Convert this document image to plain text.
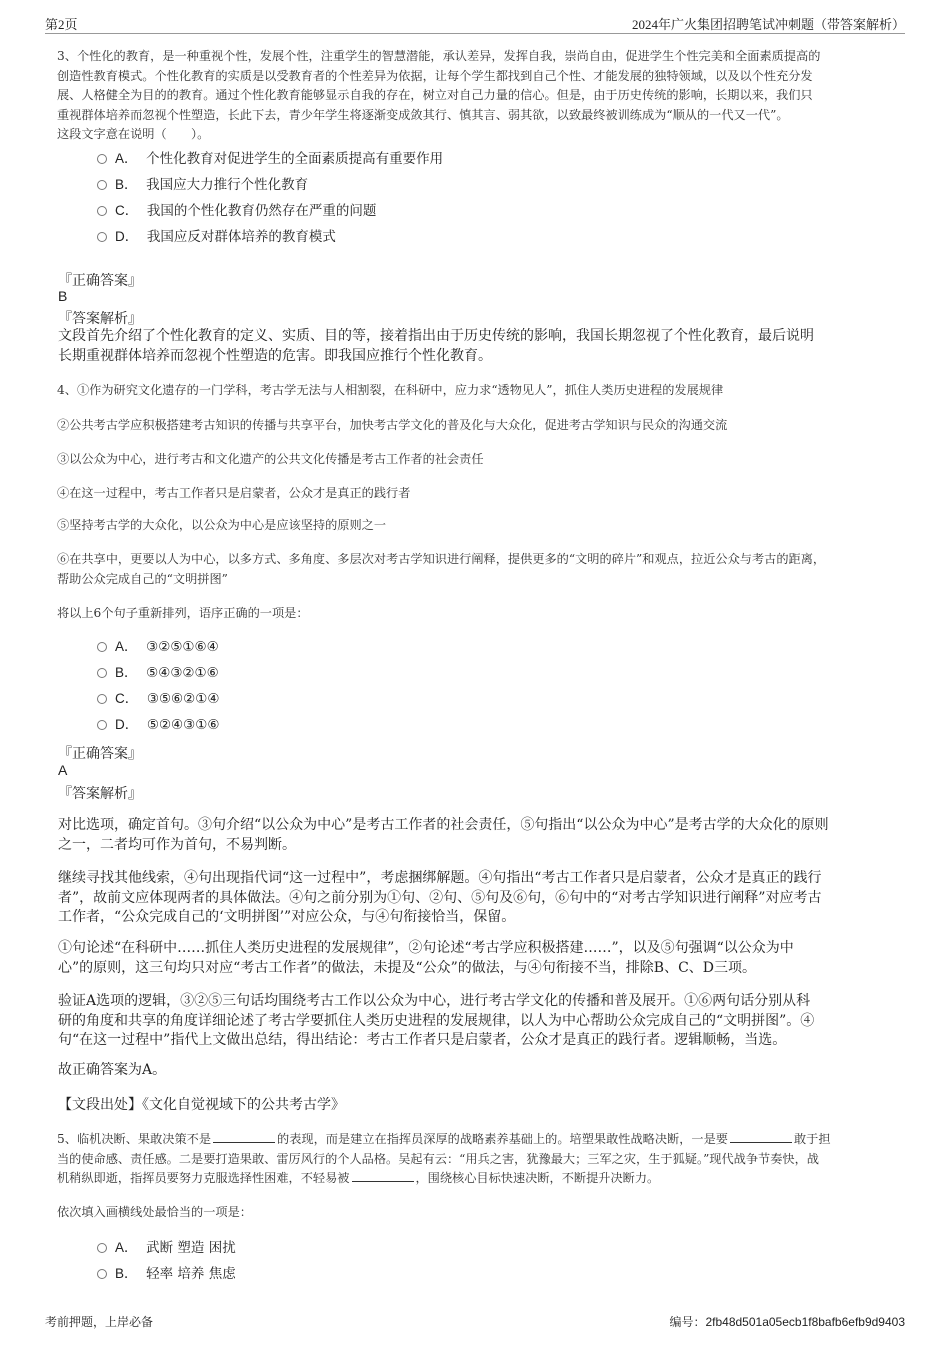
第2页	2024年广火集团招聘笔试冲刺题（带答案解析）
3、个性化的教育，是一种重视个性，发展个性，注重学生的智慧潜能，承认差异，发挥自我，崇尚自由，促进学生个性完美和全面素质提高的
创造性教育模式。个性化教育的实质是以受教育者的个性差异为依据，让每个学生都找到自己个性、才能发展的独特领域，以及以个性充分发
展、人格健全为目的的教育。通过个性化教育能够显示自我的存在，树立对自己力量的信心。但是，由于历史传统的影响，长期以来，我们只
重视群体培养而忽视个性塑造，长此下去，青少年学生将逐渐变成敛其行、慎其言、弱其欲，以致最终被训练成为“顺从的一代又一代”。
这段文字意在说明（　　）。
A． 个性化教育对促进学生的全面素质提高有重要作用
B． 我国应大力推行个性化教育
C． 我国的个性化教育仍然存在严重的问题
D． 我国应反对群体培养的教育模式
『正确答案』
B
『答案解析』
文段首先介绍了个性化教育的定义、实质、目的等，接着指出由于历史传统的影响，我国长期忽视了个性化教育，最后说明
长期重视群体培养而忽视个性塑造的危害。即我国应推行个性化教育。
4、①作为研究文化遗存的一门学科，考古学无法与人相割裂，在科研中，应力求“透物见人”，抓住人类历史进程的发展规律
②公共考古学应积极搭建考古知识的传播与共享平台，加快考古学文化的普及化与大众化，促进考古学知识与民众的沟通交流
③以公众为中心，进行考古和文化遗产的公共文化传播是考古工作者的社会责任
④在这一过程中，考古工作者只是启蒙者，公众才是真正的践行者
⑤坚持考古学的大众化，以公众为中心是应该坚持的原则之一
⑥在共享中，更要以人为中心，以多方式、多角度、多层次对考古学知识进行阐释，提供更多的“文明的碎片”和观点，拉近公众与考古的距离，
帮助公众完成自己的“文明拼图”
将以上6个句子重新排列，语序正确的一项是：
A． ③②⑤①⑥④
B． ⑤④③②①⑥
C． ③⑤⑥②①④
D． ⑤②④③①⑥
『正确答案』
A
『答案解析』
对比选项，确定首句。③句介绍“以公众为中心”是考古工作者的社会责任，⑤句指出“以公众为中心”是考古学的大众化的原则
之一，二者均可作为首句，不易判断。
继续寻找其他线索，④句出现指代词“这一过程中”，考虑捆绑解题。④句指出“考古工作者只是启蒙者，公众才是真正的践行
者”，故前文应体现两者的具体做法。④句之前分别为①句、②句、⑤句及⑥句，⑥句中的“对考古学知识进行阐释”对应考古
工作者，“公众完成自己的‘文明拼图’”对应公众，与④句衔接恰当，保留。
①句论述“在科研中……抓住人类历史进程的发展规律”，②句论述“考古学应积极搭建……”，以及⑤句强调“以公众为中
心”的原则，这三句均只对应“考古工作者”的做法，未提及“公众”的做法，与④句衔接不当，排除B、C、D三项。
验证A选项的逻辑，③②⑤三句话均围绕考古工作以公众为中心，进行考古学文化的传播和普及展开。①⑥两句话分别从科
研的角度和共享的角度详细论述了考古学要抓住人类历史进程的发展规律，以人为中心帮助公众完成自己的“文明拼图”。④
句“在这一过程中”指代上文做出总结，得出结论：考古工作者只是启蒙者，公众才是真正的践行者。逻辑顺畅，当选。
故正确答案为A。
【文段出处】《文化自觉视域下的公共考古学》
5、临机决断、果敢决策不是	的表现，而是建立在指挥员深厚的战略素养基础上的。培塑果敢性战略决断，一是要	敢于担
当的使命感、责任感。二是要打造果敢、雷厉风行的个人品格。吴起有云：“用兵之害，犹豫最大；三军之灾，生于狐疑。”现代战争节奏快，战
机稍纵即逝，指挥员要努力克服选择性困难，不轻易被	，围绕核心目标快速决断，不断提升决断力。
依次填入画横线处最恰当的一项是：
A． 武断 塑造 困扰
B． 轻率 培养 焦虑
考前押题，上岸必备	编号：2fb48d501a05ecb1f8bafb6efb9d9403
